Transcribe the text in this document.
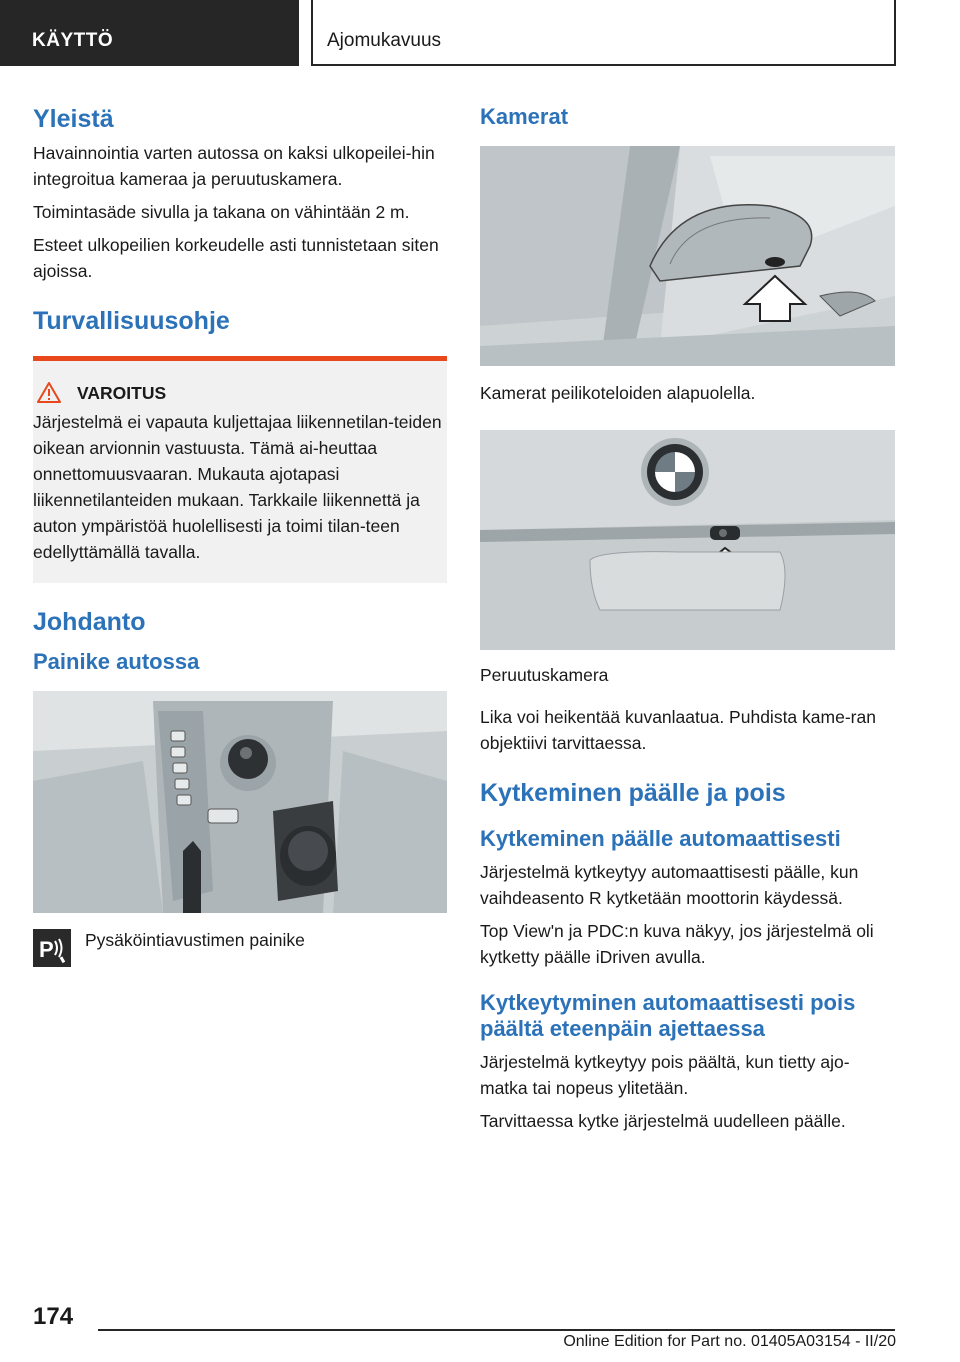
KÄYTTÖ	Ajomukavuus
Yleistä

Havainnointia varten autossa on kaksi ulkopeilei-hin integroitua kameraa ja peruutuskamera.

Toimintasäde sivulla ja takana on vähintään 2 m.

Esteet ulkopeilien korkeudelle asti tunnistetaan siten ajoissa.

Turvallisuusohje
VAROITUS

Järjestelmä ei vapauta kuljettajaa liikennetilan-teiden oikean arvionnin vastuusta. Tämä ai-heuttaa onnettomuusvaaran. Mukauta ajotapasi liikennetilanteiden mukaan. Tarkkaile liikennettä ja auton ympäristöä huolellisesti ja toimi tilan-teen edellyttämällä tavalla.

Johdanto
Painike autossa
P Pysäköintiavustimen painike

Kamerat

Kamerat peilikoteloiden alapuolella.

Peruutuskamera

Lika voi heikentää kuvanlaatua. Puhdista kame-ran objektiivi tarvittaessa.

Kytkeminen päälle ja pois
Kytkeminen päälle automaattisesti

Järjestelmä kytkeytyy automaattisesti päälle, kun vaihdeasento R kytketään moottorin käydessä.

Top View'n ja PDC:n kuva näkyy, jos järjestelmä oli kytketty päälle iDriven avulla.

Kytkeytyminen automaattisesti pois päältä eteenpäin ajettaessa

Järjestelmä kytkeytyy pois päältä, kun tietty ajo-matka tai nopeus ylitetään.

Tarvittaessa kytke järjestelmä uudelleen päälle.

174
Online Edition for Part no. 01405A03154 - II/20
